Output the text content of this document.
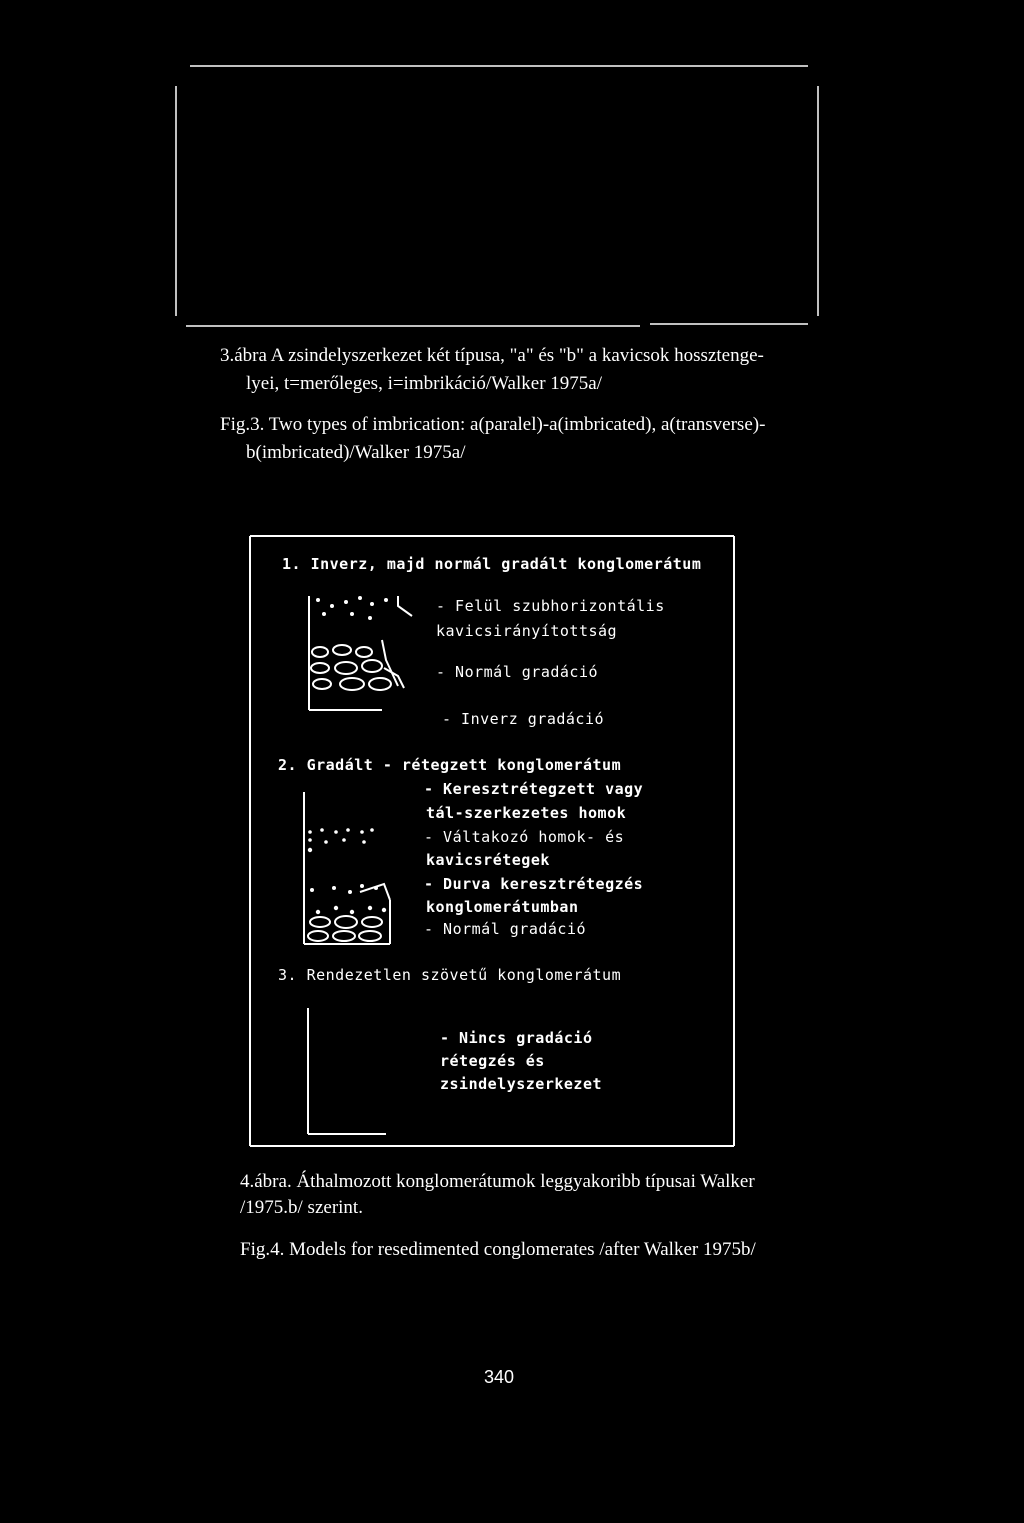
3.ábra A zsindelyszerkezet két típusa, "a" és "b" a kavicsok hossztenge-
lyei, t=merőleges, i=imbrikáció/Walker 1975a/
Fig.3. Two types of imbrication: a(paralel)-a(imbricated), a(transverse)-
b(imbricated)/Walker 1975a/
1. Inverz, majd normál gradált konglomerátum
- Felül szubhorizontális
kavicsirányítottság
- Normál gradáció
- Inverz gradáció
2. Gradált - rétegzett konglomerátum
- Keresztrétegzett vagy
tál-szerkezetes homok
- Váltakozó homok- és
kavicsrétegek
- Durva keresztrétegzés
konglomerátumban
- Normál gradáció
3. Rendezetlen szövetű konglomerátum
- Nincs gradáció
rétegzés és
zsindelyszerkezet
4.ábra. Áthalmozott konglomerátumok leggyakoribb típusai Walker
/1975.b/ szerint.
Fig.4. Models for resedimented conglomerates /after Walker 1975b/
340
